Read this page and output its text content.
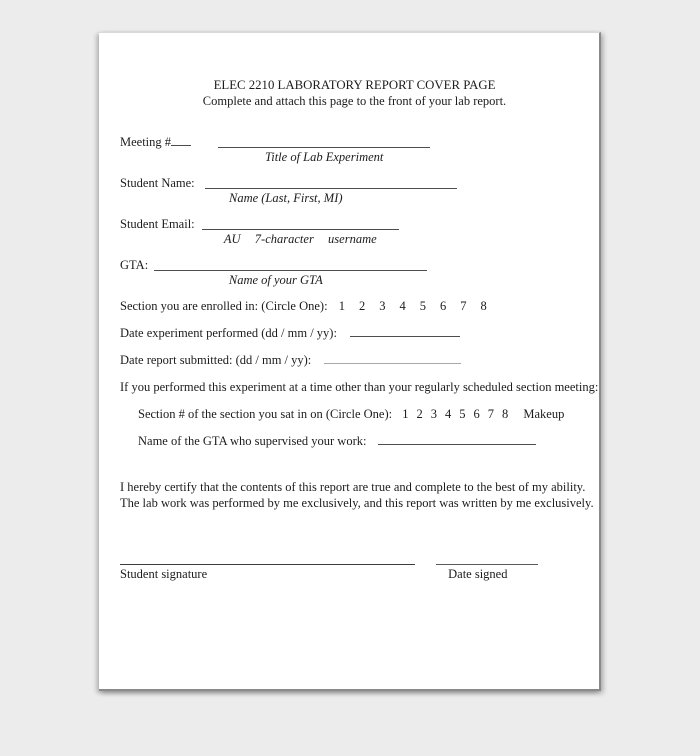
ELEC 2210 LABORATORY REPORT COVER PAGE
Complete and attach this page to the front of your lab report.
Meeting #
Title of Lab Experiment
Student Name:
Name (Last, First, MI)
Student Email:
AU  7-character  username
GTA:
Name of your GTA
Section you are enrolled in: (Circle One): 1 2 3 4 5 6 7 8
Date experiment performed (dd / mm / yy):
Date report submitted: (dd / mm / yy):
If you performed this experiment at a time other than your regularly scheduled section meeting:
Section # of the section you sat in on (Circle One): 1 2 3 4 5 6 7 8 Makeup
Name of the GTA who supervised your work:
I hereby certify that the contents of this report are true and complete to the best of my ability.
The lab work was performed by me exclusively, and this report was written by me exclusively.
Student signature
	Date signed
